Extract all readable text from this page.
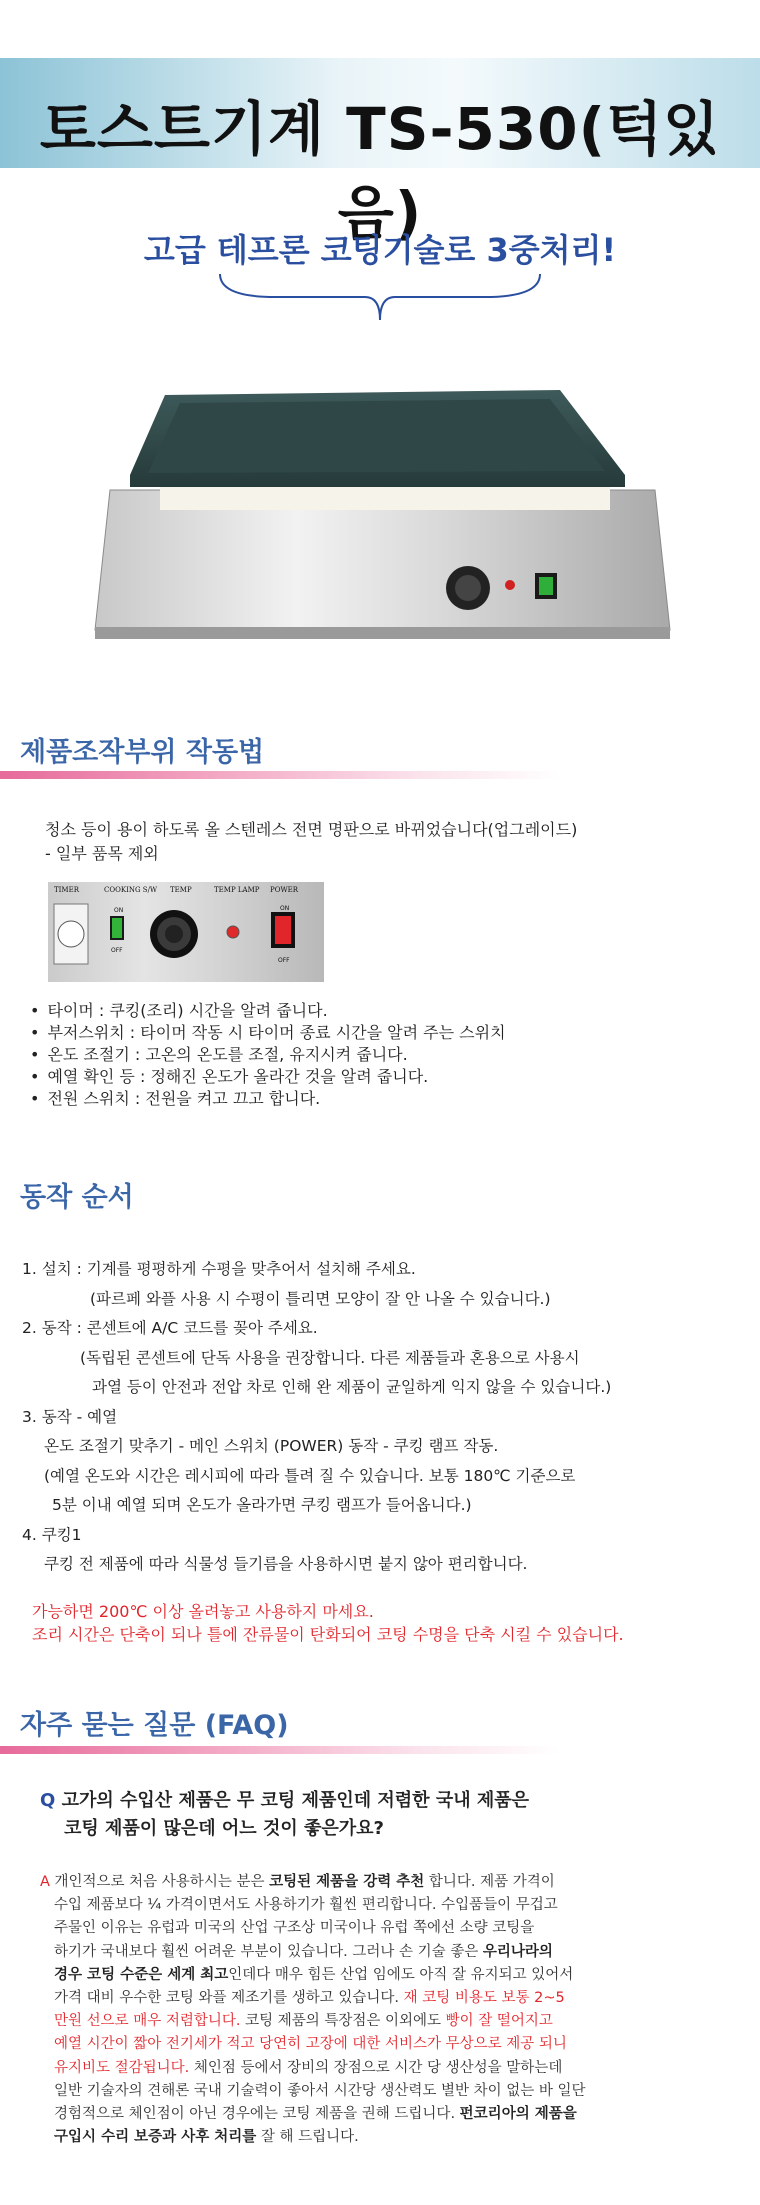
토스트기계 TS-530(턱있음)
고급 테프론 코팅기술로 3중처리!
제품조작부위 작동법
청소 등이 용이 하도록 올 스텐레스 전면 명판으로 바뀌었습니다(업그레이드)
- 일부 품목 제외
TIMER	COOKING S/W TEMP	TEMP LAMP POWER
ON
OFF
ON
OFF
• 타이머 : 쿠킹(조리) 시간을 알려 줍니다.
• 부저스위치 : 타이머 작동 시 타이머 종료 시간을 알려 주는 스위치
• 온도 조절기 : 고온의 온도를 조절, 유지시켜 줍니다.
• 예열 확인 등 : 정해진 온도가 올라간 것을 알려 줍니다.
• 전원 스위치 : 전원을 켜고 끄고 합니다.
동작 순서
1. 설치 : 기계를 평평하게 수평을 맞추어서 설치해 주세요.
(파르페 와플 사용 시 수평이 틀리면 모양이 잘 안 나올 수 있습니다.)
2. 동작 : 콘센트에 A/C 코드를 꽂아 주세요.
(독립된 콘센트에 단독 사용을 권장합니다. 다른 제품들과 혼용으로 사용시
과열 등이 안전과 전압 차로 인해 완 제품이 균일하게 익지 않을 수 있습니다.)
3. 동작 - 예열
온도 조절기 맞추기 - 메인 스위치 (POWER) 동작 - 쿠킹 램프 작동.
(예열 온도와 시간은 레시피에 따라 틀려 질 수 있습니다. 보통 180℃ 기준으로
5분 이내 예열 되며 온도가 올라가면 쿠킹 램프가 들어옵니다.)
4. 쿠킹1
쿠킹 전 제품에 따라 식물성 들기름을 사용하시면 붙지 않아 편리합니다.
가능하면 200℃ 이상 올려놓고 사용하지 마세요.
조리 시간은 단축이 되나 틀에 잔류물이 탄화되어 코팅 수명을 단축 시킬 수 있습니다.
자주 묻는 질문 (FAQ)
Q 고가의 수입산 제품은 무 코팅 제품인데 저렴한 국내 제품은
코팅 제품이 많은데 어느 것이 좋은가요?
A 개인적으로 처음 사용하시는 분은 코팅된 제품을 강력 추천 합니다. 제품 가격이
수입 제품보다 ¼ 가격이면서도 사용하기가 훨씬 편리합니다. 수입품들이 무겁고
주물인 이유는 유럽과 미국의 산업 구조상 미국이나 유럽 쪽에선 소량 코팅을
하기가 국내보다 훨씬 어려운 부분이 있습니다. 그러나 손 기술 좋은 우리나라의
경우 코팅 수준은 세계 최고인데다 매우 힘든 산업 임에도 아직 잘 유지되고 있어서
가격 대비 우수한 코팅 와플 제조기를 생하고 있습니다. 재 코팅 비용도 보통 2~5
만원 선으로 매우 저렴합니다. 코팅 제품의 특장점은 이외에도 빵이 잘 떨어지고
예열 시간이 짧아 전기세가 적고 당연히 고장에 대한 서비스가 무상으로 제공 되니
유지비도 절감됩니다. 체인점 등에서 장비의 장점으로 시간 당 생산성을 말하는데
일반 기술자의 견해론 국내 기술력이 좋아서 시간당 생산력도 별반 차이 없는 바 일단
경험적으로 체인점이 아닌 경우에는 코팅 제품을 권해 드립니다. 펀코리아의 제품을
구입시 수리 보증과 사후 처리를 잘 해 드립니다.
